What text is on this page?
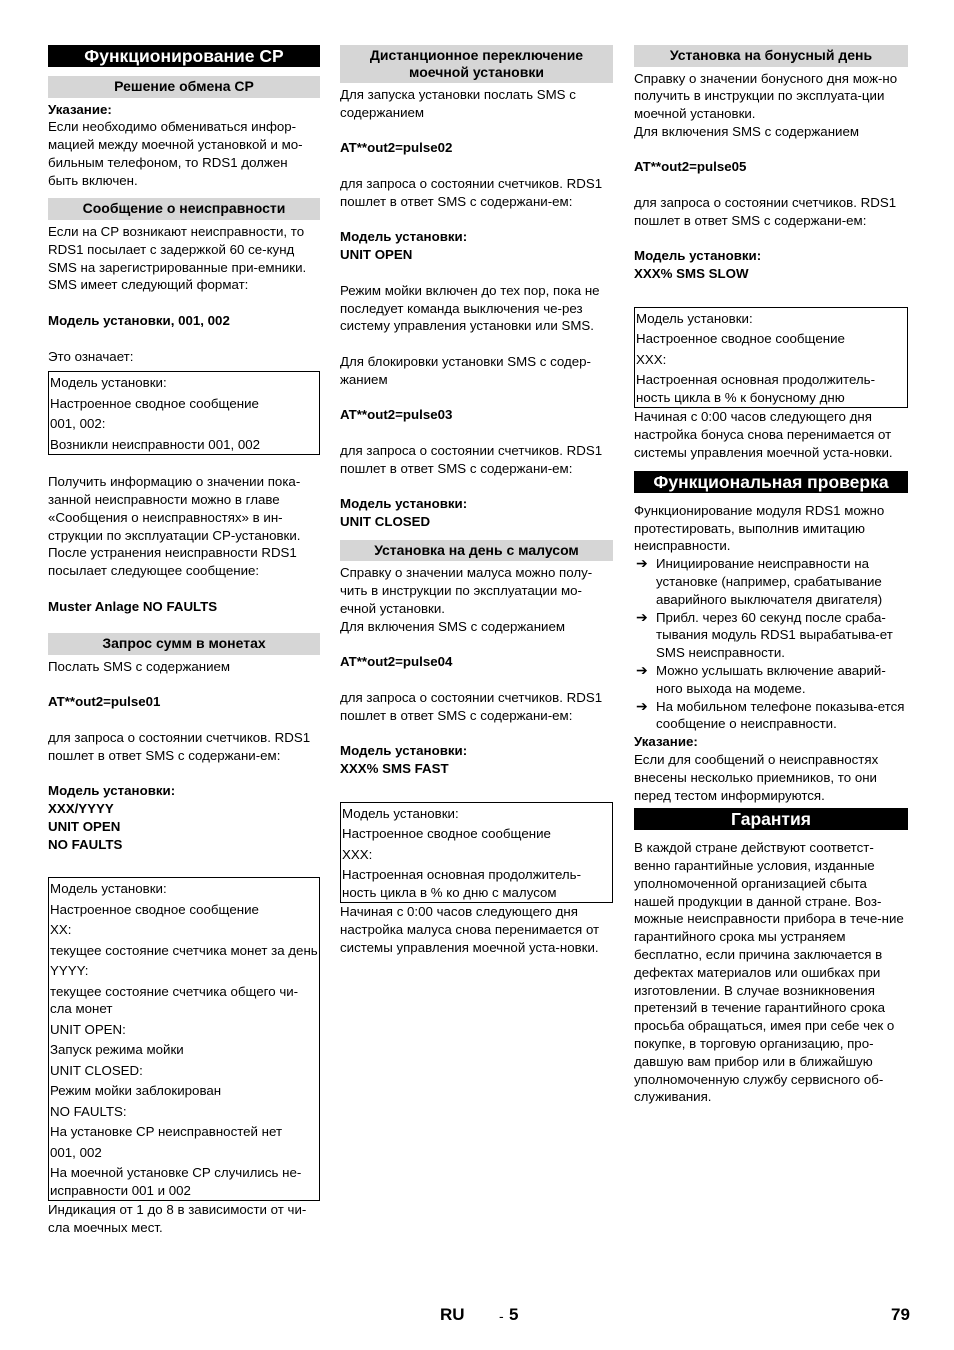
Функционирование CP
Решение обмена CP

Указание:

Если необходимо обмениваться инфор-мацией между моечной установкой и мо-бильным телефоном, то RDS1 должен быть включен.

Сообщение о неисправности

Если на CP возникают неисправности, то RDS1 посылает с задержкой 60 се-кунд SMS на зарегистрированные при-емники.

SMS имеет следующий формат:

Модель установки, 001, 002

Это означает:

Модель установки:
Настроенное сводное сообщение
001, 002:
Возникли неисправности 001, 002

Получить информацию о значении пока-занной неисправности можно в главе «Сообщения о неисправностях» в ин-струкции по эксплуатации CP-установки. После устранения неисправности RDS1 посылает следующее сообщение:

Muster Anlage NO FAULTS

Запрос сумм в монетах

Послать SMS с содержанием

AT**out2=pulse01

для запроса о состоянии счетчиков. RDS1 пошлет в ответ SMS с содержани-ем:

Модель установки:

XXX/YYYY

UNIT OPEN

NO FAULTS

Модель установки:
Настроенное сводное сообщение
XX:
текущее состояние счетчика монет за день
YYYY:
текущее состояние счетчика общего чи-сла монет
UNIT OPEN:
Запуск режима мойки
UNIT CLOSED:
Режим мойки заблокирован
NO FAULTS:
На установке CP неисправностей нет
001, 002
На моечной установке CP случились не-исправности 001 и 002

Индикация от 1 до 8 в зависимости от чи-сла моечных мест.

Дистанционное переключение моечной установки

Для запуска установки послать SMS с содержанием

AT**out2=pulse02

для запроса о состоянии счетчиков. RDS1 пошлет в ответ SMS с содержани-ем:

Модель установки:

UNIT OPEN

Режим мойки включен до тех пор, пока не последует команда выключения че-рез систему управления установки или SMS.

Для блокировки установки SMS с содер-жанием

AT**out2=pulse03

для запроса о состоянии счетчиков. RDS1 пошлет в ответ SMS с содержани-ем:

Модель установки:

UNIT CLOSED

Установка на день с малусом

Справку о значении малуса можно полу-чить в инструкции по эксплуатации мо-ечной установки.

Для включения SMS с содержанием

AT**out2=pulse04

для запроса о состоянии счетчиков. RDS1 пошлет в ответ SMS с содержани-ем:

Модель установки:

XXX% SMS FAST

Модель установки:
Настроенное сводное сообщение
XXX:
Настроенная основная продолжитель-ность цикла в % ко дню с малусом

Начиная с 0:00 часов следующего дня настройка малуса снова перенимается от системы управления моечной уста-новки.

Установка на бонусный день

Справку о значении бонусного дня мож-но получить в инструкции по эксплуата-ции моечной установки.

Для включения SMS с содержанием

AT**out2=pulse05

для запроса о состоянии счетчиков. RDS1 пошлет в ответ SMS с содержани-ем:

Модель установки:

XXX% SMS SLOW

Модель установки:
Настроенное сводное сообщение
XXX:
Настроенная основная продолжитель-ность цикла в % к бонусному дню

Начиная с 0:00 часов следующего дня настройка бонуса снова перенимается от системы управления моечной уста-новки.

Функциональная проверка

Функционирование модуля RDS1 можно протестировать, выполнив имитацию неисправности.

➔ Инициирование неисправности на установке (например, срабатывание аварийного выключателя двигателя)
➔ Прибл. через 60 секунд после сраба-тывания модуль RDS1 вырабатыва-ет SMS неисправности.
➔ Можно услышать включение аварий-ного выхода на модеме.
➔ На мобильном телефоне показыва-ется сообщение о неисправности.

Указание:

Если для сообщений о неисправностях внесены несколько приемников, то они перед тестом информируются.

Гарантия

В каждой стране действуют соответст-венно гарантийные условия, изданные уполномоченной организацией сбыта нашей продукции в данной стране. Воз-можные неисправности прибора в тече-ние гарантийного срока мы устраняем бесплатно, если причина заключается в дефектах материалов или ошибках при изготовлении. В случае возникновения претензий в течение гарантийного срока просьба обращаться, имея при себе чек о покупке, в торговую организацию, про-давшую вам прибор или в ближайшую уполномоченную службу сервисного об-служивания.

RU - 5	79
